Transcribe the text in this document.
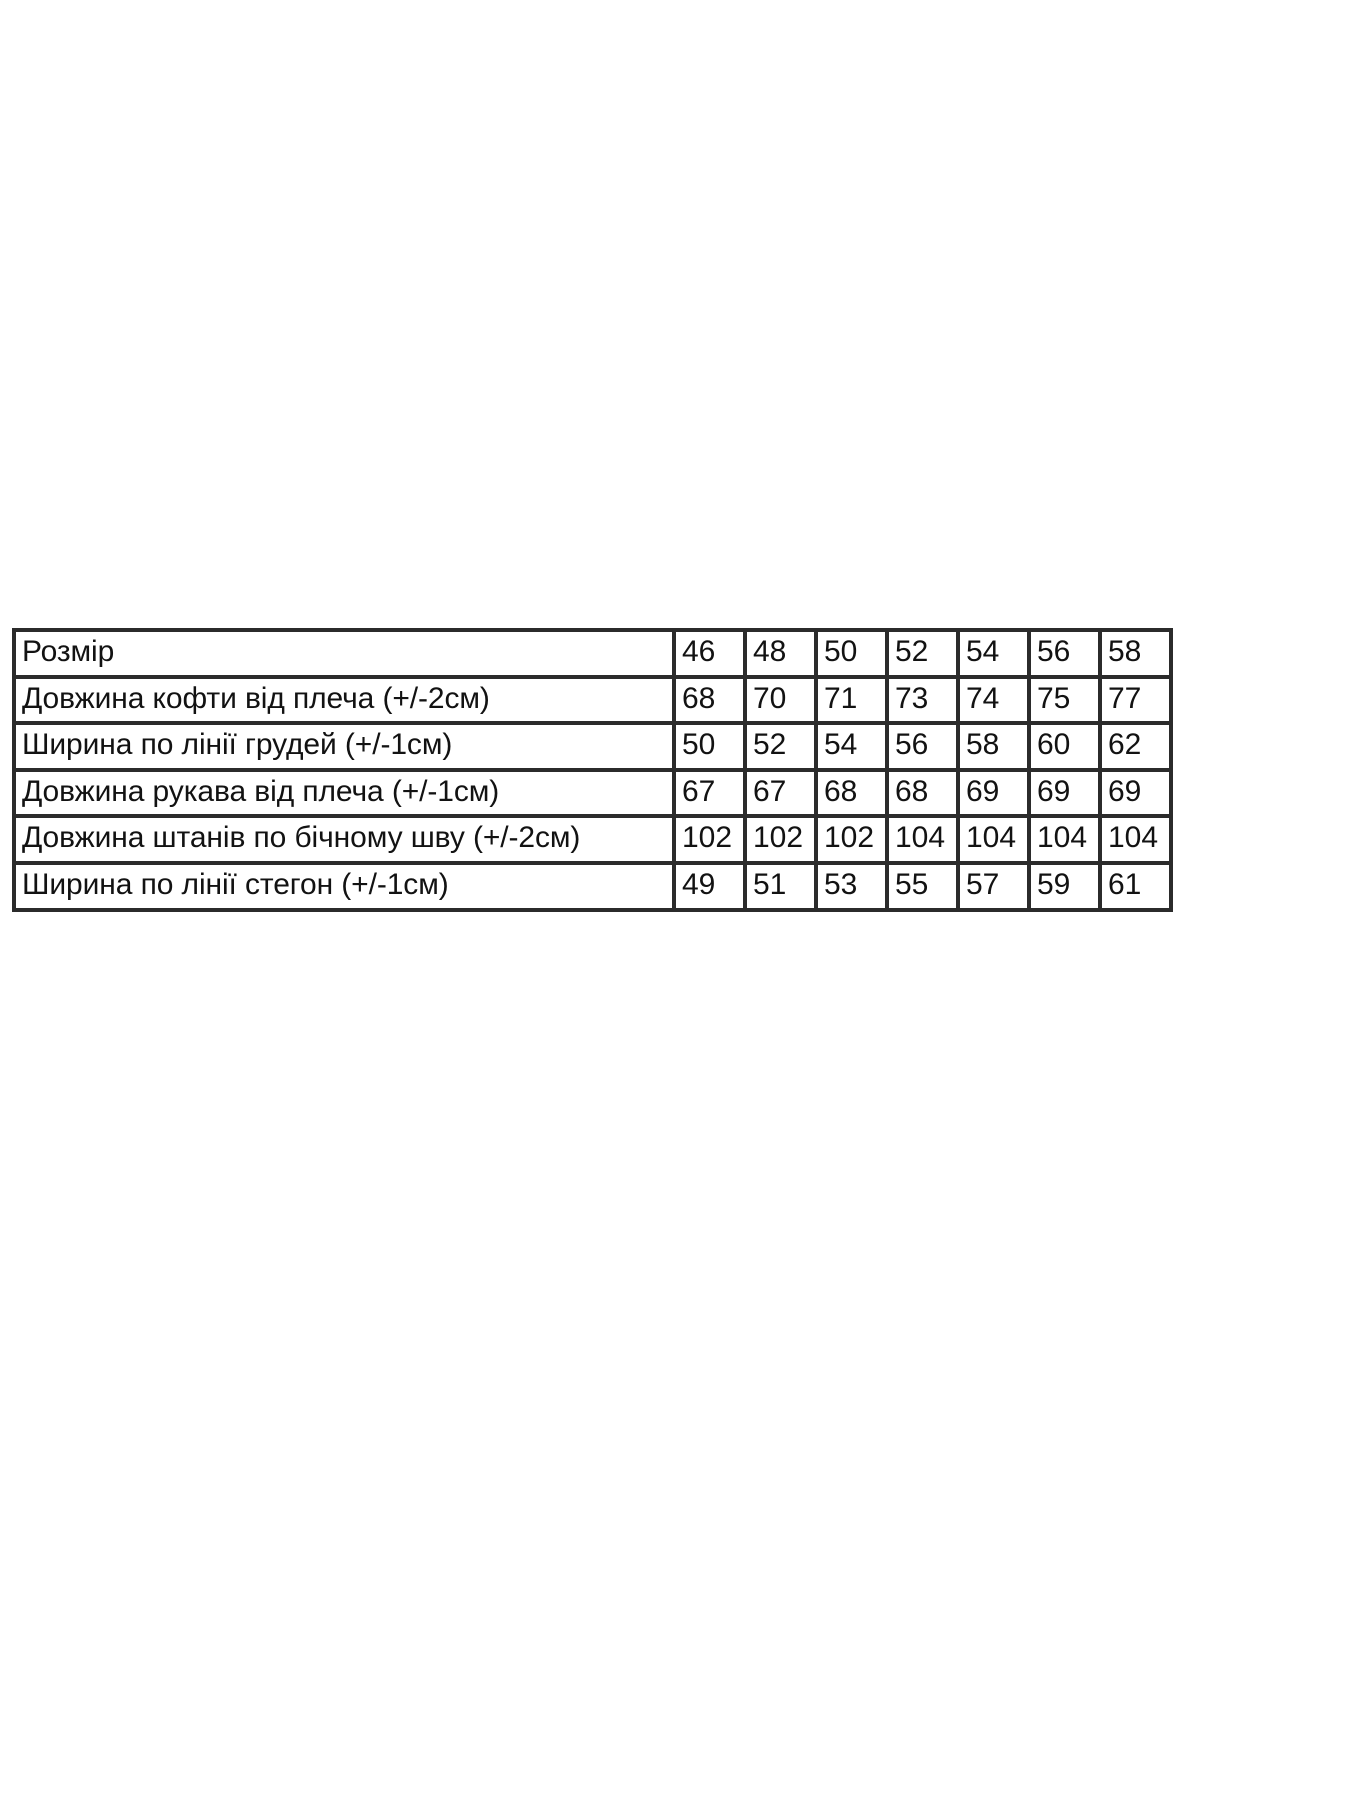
Розмір	46	48	50	52	54	56	58
Довжина кофти від плеча (+/-2см)	68	70	71	73	74	75	77
Ширина по лінії грудей (+/-1см)	50	52	54	56	58	60	62
Довжина рукава від плеча (+/-1см)	67	67	68	68	69	69	69
Довжина штанів по бічному шву (+/-2см)	102	102	102	104	104	104	104
Ширина по лінії стегон (+/-1см)	49	51	53	55	57	59	61
